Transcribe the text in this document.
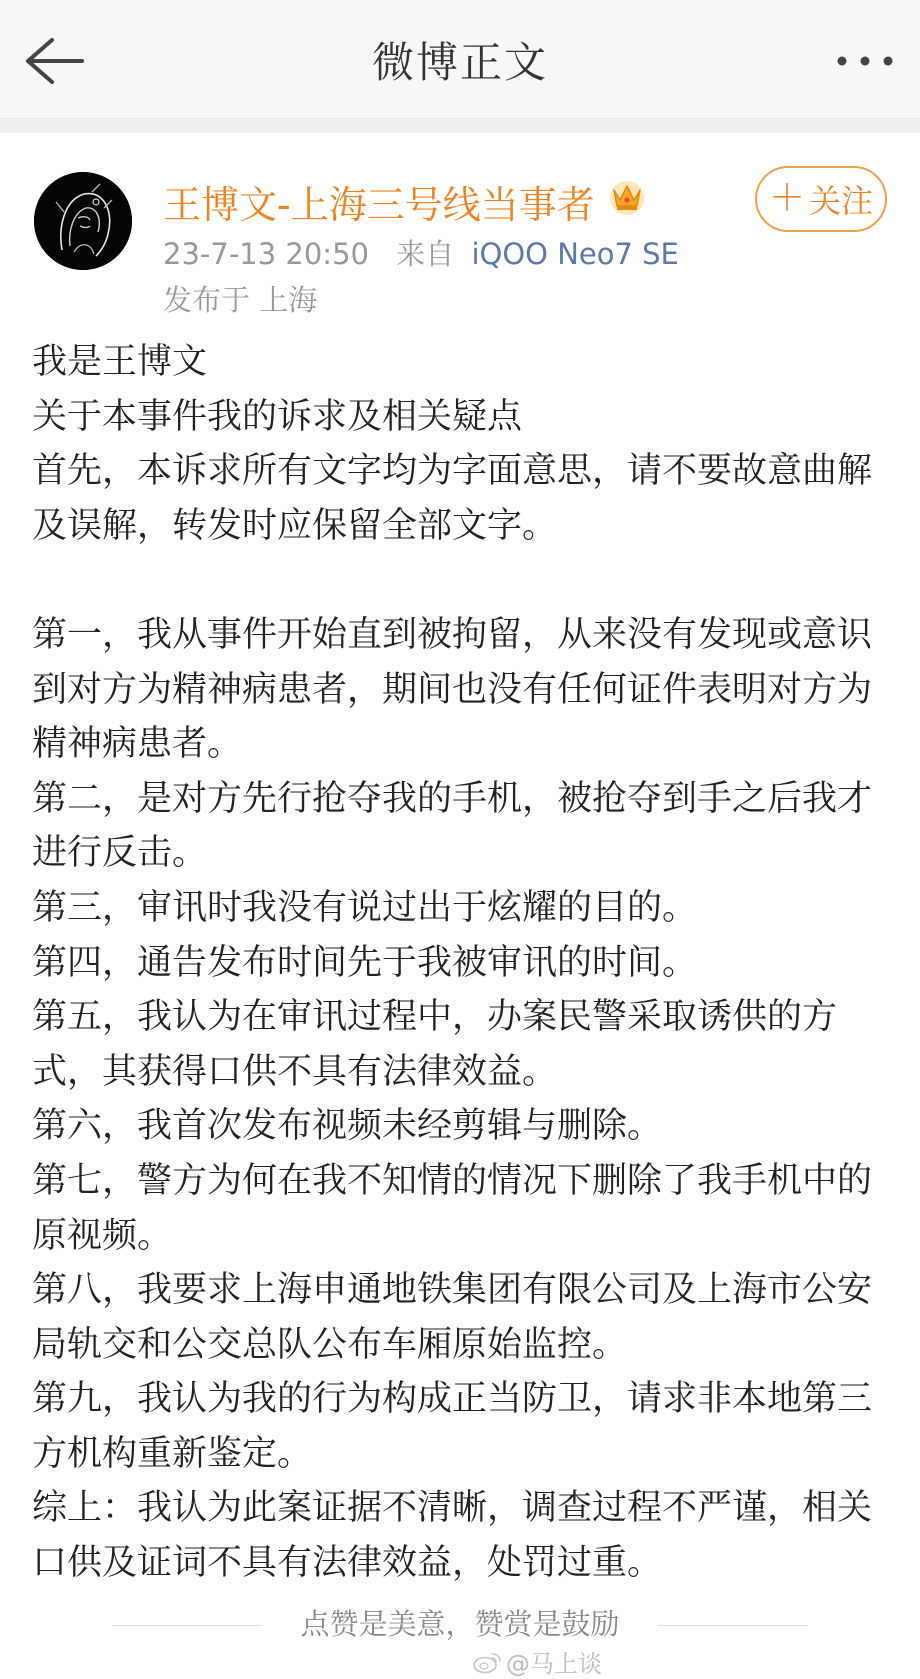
微博正文
王博文-上海三号线当事者	＋ 关注
23-7-13 20:50 来自 iQOO Neo7 SE
发布于 上海

我是王博文

关于本事件我的诉求及相关疑点

首先，本诉求所有文字均为字面意思，请不要故意曲解及误解，转发时应保留全部文字。

第一，我从事件开始直到被拘留，从来没有发现或意识到对方为精神病患者，期间也没有任何证件表明对方为精神病患者。

第二，是对方先行抢夺我的手机，被抢夺到手之后我才进行反击。

第三，审讯时我没有说过出于炫耀的目的。

第四，通告发布时间先于我被审讯的时间。

第五，我认为在审讯过程中，办案民警采取诱供的方式，其获得口供不具有法律效益。

第六，我首次发布视频未经剪辑与删除。

第七，警方为何在我不知情的情况下删除了我手机中的原视频。

第八，我要求上海申通地铁集团有限公司及上海市公安局轨交和公交总队公布车厢原始监控。

第九，我认为我的行为构成正当防卫，请求非本地第三方机构重新鉴定。

综上：我认为此案证据不清晰，调查过程不严谨，相关口供及证词不具有法律效益，处罚过重。

点赞是美意，赞赏是鼓励
@马上谈
